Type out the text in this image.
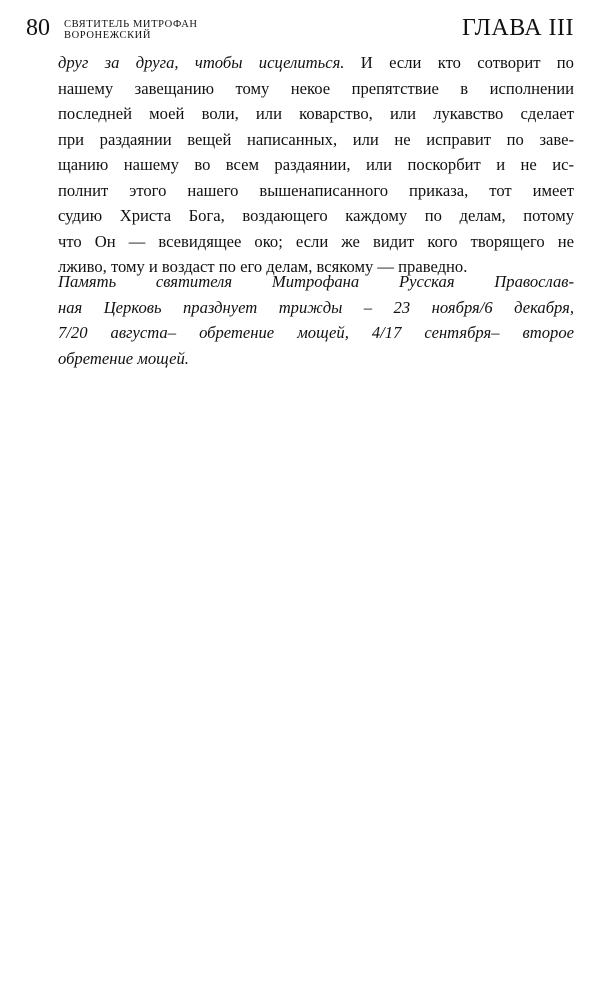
80 СВЯТИТЕЛЬ МИТРОФАН
ВОРОНЕЖСКИЙ	ГЛАВА III
друг за друга, чтобы исцелиться. И если кто сотворит по
нашему завещанию тому некое препятствие в исполнении
последней моей воли, или коварство, или лукавство сделает
при раздаянии вещей написанных, или не исправит по заве-
щанию нашему во всем раздаянии, или поскорбит и не ис-
полнит этого нашего вышенаписанного приказа, тот имеет
судию Христа Бога, воздающего каждому по делам, потому
что Он — всевидящее око; если же видит кого творящего не
лживо, тому и воздаст по его делам, всякому — праведно.
Память святителя Митрофана Русская Православ-
ная Церковь празднует трижды – 23 ноября/6 декабря,
7/20 августа– обретение мощей, 4/17 сентября– второе
обретение мощей.
